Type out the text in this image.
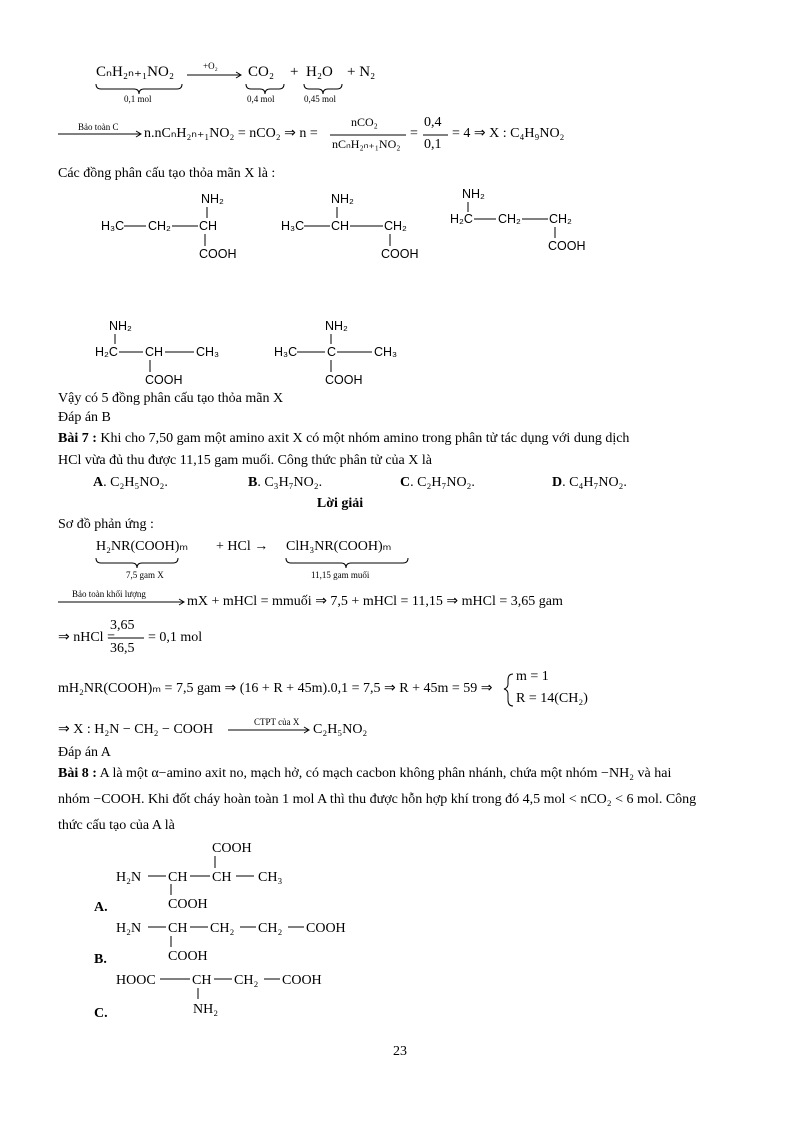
CₙH₂ₙ₊₁NO₂
0,1 mol
+O₂ CO₂
0,4 mol
+ H₂O
0,45 mol
+ N₂
Bảo toàn C n.nCₙH₂ₙ₊₁NO₂ = nCO₂ ⇒ n =
nCO₂
nCₙH₂ₙ₊₁NO₂
=
0,4
0,1
= 4 ⇒ X : C₄H₉NO₂
Các đồng phân cấu tạo thỏa mãn X là :
NH₂
H₃C CH₂ CH
COOH
NH₂
H₃C CH	CH₂
COOH
NH₂
H₂C CH₂ CH₂
COOH
NH₂
H₂C CH	CH₃
COOH
NH₂
H₃C C	CH₃
COOH
Vậy có 5 đồng phân cấu tạo thỏa mãn X
Đáp án B
Bài 7 : Khi cho 7,50 gam một amino axit X có một nhóm amino trong phân tử tác dụng với dung dịch
HCl vừa đủ thu được 11,15 gam muối. Công thức phân tử của X là
A. C₂H₅NO₂.	B. C₃H₇NO₂.	C. C₂H₇NO₂.	D. C₄H₇NO₂.
Lời giải
Sơ đồ phản ứng :
H₂NR(COOH)ₘ
7,5 gam X
+ HCl → ClH₃NR(COOH)ₘ
11,15 gam muối
Bảo toàn khối lượng	mX + mHCl = mmuối ⇒ 7,5 + mHCl = 11,15 ⇒ mHCl = 3,65 gam
⇒ nHCl =
3,65
36,5
= 0,1 mol
mH₂NR(COOH)ₘ = 7,5 gam ⇒ (16 + R + 45m).0,1 = 7,5 ⇒ R + 45m = 59 ⇒
m = 1
R = 14(CH₂)
⇒ X : H₂N − CH₂ − COOH	CTPT của X C₂H₅NO₂
Đáp án A
Bài 8 : A là một α−amino axit no, mạch hở, có mạch cacbon không phân nhánh, chứa một nhóm −NH₂ và hai
nhóm −COOH. Khi đốt cháy hoàn toàn 1 mol A thì thu được hỗn hợp khí trong đó 4,5 mol < nCO₂ < 6 mol. Công
thức cấu tạo của A là
COOH
H₂N CH CH CH₃
COOH
A.
H₂N CH CH₂ CH₂ COOH
COOH
B.
HOOC	CH CH₂ COOH
NH₂
C.
23
